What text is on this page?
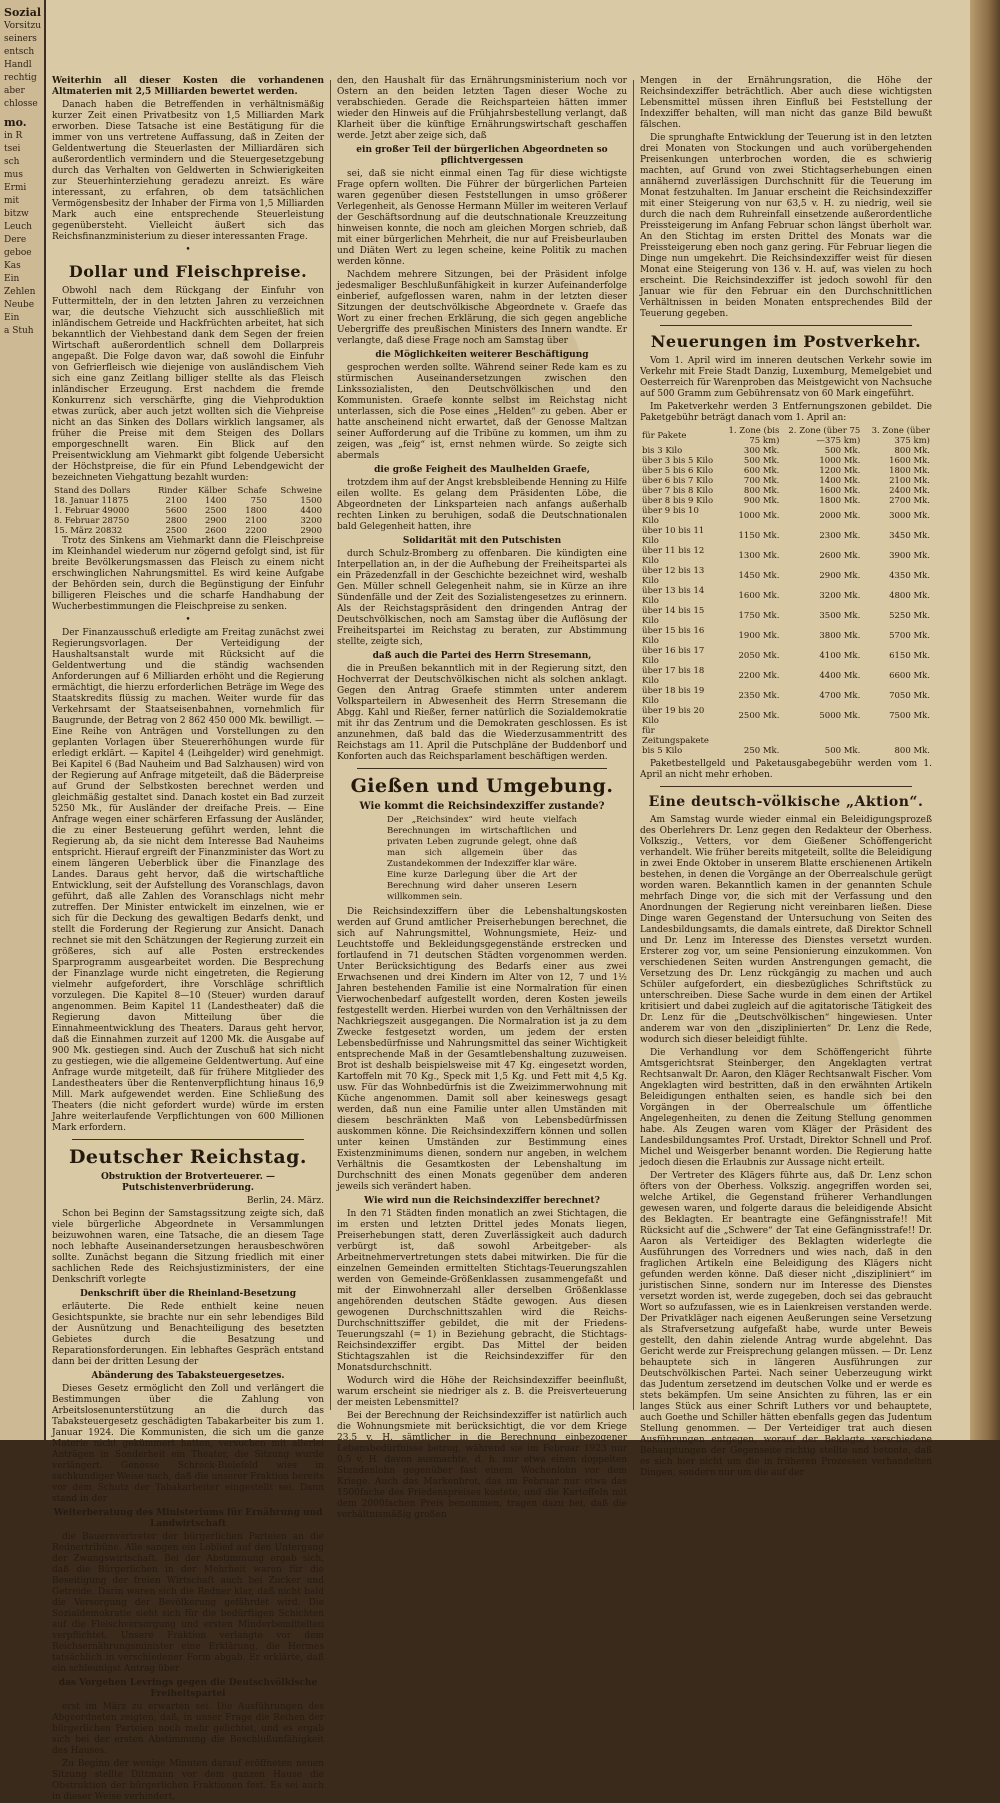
Sozial
Vorsitzu
seiners
entsch
Handl
rechtig
aber
chlosse
mo.
in R
tsei
sch
mus
Ermi
mit
bitzw
Leuch
Dere
geboe
Kas
Ein
Zehlen
Neube
Ein
a Stuh

Weiterhin all dieser Kosten die vorhandenen Altmaterien mit 2,5 Milliarden bewertet werden.

Danach haben die Betreffenden in verhältnismäßig kurzer Zeit einen Privatbesitz von 1,5 Milliarden Mark erworben. Diese Tatsache ist eine Bestätigung für die immer von uns vertretene Auffassung, daß in Zeiten der Geldentwertung die Steuerlasten der Milliardären sich außerordentlich vermindern und die Steuergesetzgebung durch das Verhalten von Geldwerten in Schwierigkeiten zur Steuerhinterziehung geradezu anreizt. Es wäre interessant, zu erfahren, ob dem tatsächlichen Vermögensbesitz der Inhaber der Firma von 1,5 Milliarden Mark auch eine entsprechende Steuerleistung gegenübersteht. Vielleicht äußert sich das Reichsfinanzministerium zu dieser interessanten Frage.

•
Dollar und Fleischpreise.

Obwohl nach dem Rückgang der Einfuhr von Futtermitteln, der in den letzten Jahren zu verzeichnen war, die deutsche Viehzucht sich ausschließlich mit inländischem Getreide und Hackfrüchten arbeitet, hat sich bekanntlich der Viehbestand dank dem Segen der freien Wirtschaft außerordentlich schnell dem Dollarpreis angepaßt. Die Folge davon war, daß sowohl die Einfuhr von Gefrierfleisch wie diejenige von ausländischem Vieh sich eine ganz Zeitlang billiger stellte als das Fleisch inländischer Erzeugung. Erst nachdem die fremde Konkurrenz sich verschärfte, ging die Viehproduktion etwas zurück, aber auch jetzt wollten sich die Viehpreise nicht an das Sinken des Dollars wirklich langsamer, als früher die Preise mit dem Steigen des Dollars emporgeschnellt waren. Ein Blick auf den Preisentwicklung am Viehmarkt gibt folgende Uebersicht der Höchstpreise, die für ein Pfund Lebendgewicht der bezeichneten Viehgattung bezahlt wurden:

Stand des Dollars	Rinder	Kälber	Schafe	Schweine
18. Januar 11875	2100	1400	750	1500
1. Februar 49000	5600	2500	1800	4400
8. Februar 28750	2800	2900	2100	3200
15. März 20832	2500	2600	2200	2900

Trotz des Sinkens am Viehmarkt dann die Fleischpreise im Kleinhandel wiederum nur zögernd gefolgt sind, ist für breite Bevölkerungsmassen das Fleisch zu einem nicht erschwinglichen Nahrungsmittel. Es wird keine Aufgabe der Behörden sein, durch die Begünstigung der Einfuhr billigeren Fleisches und die scharfe Handhabung der Wucherbestimmungen die Fleischpreise zu senken.

•

Der Finanzausschuß erledigte am Freitag zunächst zwei Regierungsvorlagen. Der Verteidigung der Haushaltsanstalt wurde mit Rücksicht auf die Geldentwertung und die ständig wachsenden Anforderungen auf 6 Milliarden erhöht und die Regierung ermächtigt, die hierzu erforderlichen Beträge im Wege des Staatskredits flüssig zu machen. Weiter wurde für das Verkehrsamt der Staatseisenbahnen, vornehmlich für Baugrunde, der Betrag von 2 862 450 000 Mk. bewilligt. — Eine Reihe von Anträgen und Vorstellungen zu den geplanten Vorlagen über Steuererhöhungen wurde für erledigt erklärt. — Kapitel 4 (Leihgelder) wird genehmigt. Bei Kapitel 6 (Bad Nauheim und Bad Salzhausen) wird von der Regierung auf Anfrage mitgeteilt, daß die Bäderpreise auf Grund der Selbstkosten berechnet werden und gleichmäßig gestaltet sind. Danach kostet ein Bad zurzeit 5250 Mk., für Ausländer der dreifache Preis. — Eine Anfrage wegen einer schärferen Erfassung der Ausländer, die zu einer Besteuerung geführt werden, lehnt die Regierung ab, da sie nicht dem Interesse Bad Nauheims entspricht. Hierauf ergreift der Finanzminister das Wort zu einem längeren Ueberblick über die Finanzlage des Landes. Daraus geht hervor, daß die wirtschaftliche Entwicklung, seit der Aufstellung des Voranschlags, davon geführt, daß alle Zahlen des Voranschlags nicht mehr zutreffen. Der Minister entwickelt im einzelnen, wie er sich für die Deckung des gewaltigen Bedarfs denkt, und stellt die Forderung der Regierung zur Ansicht. Danach rechnet sie mit den Schätzungen der Regierung zurzeit ein größeres, sich auf alle Posten erstreckendes Sparprogramm ausgearbeitet worden. Die Besprechung der Finanzlage wurde nicht eingetreten, die Regierung vielmehr aufgefordert, ihre Vorschläge schriftlich vorzulegen. Die Kapitel 8—10 (Steuer) wurden darauf angenommen. Beim Kapitel 11 (Landestheater) daß die Regierung davon Mitteilung über die Einnahmeentwicklung des Theaters. Daraus geht hervor, daß die Einnahmen zurzeit auf 1200 Mk. die Ausgabe auf 900 Mk. gestiegen sind. Auch der Zuschuß hat sich nicht zu gestiegen, wie die allgemeine Geldentwertung. Auf eine Anfrage wurde mitgeteilt, daß für frühere Mitglieder des Landestheaters über die Rentenverpflichtung hinaus 16,9 Mill. Mark aufgewendet werden. Eine Schließung des Theaters (die nicht gefordert wurde) würde im ersten Jahre weiterlaufende Verpflichtungen von 600 Millionen Mark erfordern.

Deutscher Reichstag.
Obstruktion der Brotverteuerer. — Putschistenverbrüderung.
Berlin, 24. März.

Schon bei Beginn der Samstagssitzung zeigte sich, daß viele bürgerliche Abgeordnete in Versammlungen beizuwohnen waren, eine Tatsache, die an diesem Tage noch lebhafte Auseinandersetzungen herausbeschwören sollte. Zunächst begann die Sitzung friedlich mit einer sachlichen Rede des Reichsjustizministers, der eine Denkschrift vorlegte

Denkschrift über die Rheinland-Besetzung

erläuterte. Die Rede enthielt keine neuen Gesichtspunkte, sie brachte nur ein sehr lebendiges Bild der Ausnützung und Benachteiligung des besetzten Gebietes durch die Besatzung und Reparationsforderungen. Ein lebhaftes Gespräch entstand dann bei der dritten Lesung der

Abänderung des Tabaksteuergesetzes.

Dieses Gesetz ermöglicht den Zoll und verlängert die Bestimmungen über die Zahlung von Arbeitslosenunterstützung an die durch das Tabaksteuergesetz geschädigten Tabakarbeiter bis zum 1. Januar 1924. Die Kommunisten, die sich um die ganze Materie nicht gekümmert hatten, versuchen mit allerlei Anträgen in Sonderheit ein Theater, die Sitzung wurde verlängert. Genosse Schreck-Bielefeld wies in sachkundiger Weise nach, daß die unserer Fraktion bereits vor dem Schutz der Tabakarbeiter eingestellt sei. Dann stand in der

Weiterberatung des Ministeriums für Ernährung und Landwirtschaft

die Bauernvertreter der bürgerlichen Parteien an die Rednertribüne. Alle sangen ein Loblied auf den Untergang der Zwangswirtschaft. Bei der Abstimmung ergab sich, daß die Bürgerlichen in der Mehrheit waren für die Beseitigung der freien Wirtschaft auch bei Zucker und Getreide. Darin waren sich die Redner klar, daß nicht bald die Versorgung der Bevölkerung gefährdet wird. Die Sozialdemokratie sieht sich für die bedürftigen Schichten auf die Fleischversorgung und ersten Minderbemittelten verpflichtet. Unsere Fraktion verlangte vor dem Reichsernährungsminister eine Erklärung, die Hermes tatsächlich in verschiedener Form abgab. Er erklärte, daß ein schleunigst Antrag über

das Vorgehen Levrings gegen die Deutschvölkische Freiheitspartei

erst im März zu erwarten sei. Die Ausführungen des Abgeordneten zeigten, daß, in unser Frage die Reihen der bürgerlichen Parteien noch mehr gelichtet, und es ergab sich bei der ersten Abstimmung die Beschlußunfähigkeit des Hauses.

Zu Beginn der wenige Minuten darauf eröffneten neuen Sitzung stellte Dittmann vor dem ganzen Hause die Obstruktion der bürgerlichen Fraktionen fest. Es sei auch in dieser Weise verhindert,

den, den Haushalt für das Ernährungsministerium noch vor Ostern an den beiden letzten Tagen dieser Woche zu verabschieden. Gerade die Reichsparteien hätten immer wieder den Hinweis auf die Frühjahrsbestellung verlangt, daß Klarheit über die künftige Ernährungswirtschaft geschaffen werde. Jetzt aber zeige sich, daß

ein großer Teil der bürgerlichen Abgeordneten so pflichtvergessen

sei, daß sie nicht einmal einen Tag für diese wichtigste Frage opfern wollten. Die Führer der bürgerlichen Parteien waren gegenüber diesen Feststellungen in umso größerer Verlegenheit, als Genosse Hermann Müller im weiteren Verlauf der Geschäftsordnung auf die deutschnationale Kreuzzeitung hinweisen konnte, die noch am gleichen Morgen schrieb, daß mit einer bürgerlichen Mehrheit, die nur auf Freisbeurlauben und Diäten Wert zu legen scheine, keine Politik zu machen werden könne.

Nachdem mehrere Sitzungen, bei der Präsident infolge jedesmaliger Beschlußunfähigkeit in kurzer Aufeinanderfolge einberief, aufgeflossen waren, nahm in der letzten dieser Sitzungen der deutschvölkische Abgeordnete v. Graefe das Wort zu einer frechen Erklärung, die sich gegen angebliche Uebergriffe des preußischen Ministers des Innern wandte. Er verlangte, daß diese Frage noch am Samstag über

die Möglichkeiten weiterer Beschäftigung

gesprochen werden sollte. Während seiner Rede kam es zu stürmischen Auseinandersetzungen zwischen den Linkssozialisten, den Deutschvölkischen und den Kommunisten. Graefe konnte selbst im Reichstag nicht unterlassen, sich die Pose eines „Helden“ zu geben. Aber er hatte anscheinend nicht erwartet, daß der Genosse Maltzan seiner Aufforderung auf die Tribüne zu kommen, um ihm zu zeigen, was „feig“ ist, ernst nehmen würde. So zeigte sich abermals

die große Feigheit des Maulhelden Graefe,

trotzdem ihm auf der Angst krebsbleibende Henning zu Hilfe eilen wollte. Es gelang dem Präsidenten Löbe, die Abgeordneten der Linksparteien nach anfangs außerhalb rechten Linken zu beruhigen, sodaß die Deutschnationalen bald Gelegenheit hatten, ihre

Solidarität mit den Putschisten

durch Schulz-Bromberg zu offenbaren. Die kündigten eine Interpellation an, in der die Aufhebung der Freiheitspartei als ein Präzedenzfall in der Geschichte bezeichnet wird, weshalb Gen. Müller schnell Gelegenheit nahm, sie in Kürze an ihre Sündenfälle und der Zeit des Sozialistengesetzes zu erinnern. Als der Reichstagspräsident den dringenden Antrag der Deutschvölkischen, noch am Samstag über die Auflösung der Freiheitspartei im Reichstag zu beraten, zur Abstimmung stellte, zeigte sich,

daß auch die Partei des Herrn Stresemann,

die in Preußen bekanntlich mit in der Regierung sitzt, den Hochverrat der Deutschvölkischen nicht als solchen anklagt. Gegen den Antrag Graefe stimmten unter anderem Volksparteilern in Abwesenheit des Herrn Stresemann die Abgg. Kahl und Rießer, ferner natürlich die Sozialdemokratie mit ihr das Zentrum und die Demokraten geschlossen. Es ist anzunehmen, daß bald das die Wiederzusammentritt des Reichstags am 11. April die Putschpläne der Buddenborf und Konforten auch das Reichsparlament beschäftigen werden.

Gießen und Umgebung.
Wie kommt die Reichsindexziffer zustande?

Der „Reichsindex“ wird heute vielfach Berechnungen im wirtschaftlichen und privaten Leben zugrunde gelegt, ohne daß man sich allgemein über das Zustandekommen der Indexziffer klar wäre. Eine kurze Darlegung über die Art der Berechnung wird daher unseren Lesern willkommen sein.

Die Reichsindexziffern über die Lebenshaltungskosten werden auf Grund amtlicher Preiserhebungen berechnet, die sich auf Nahrungsmittel, Wohnungsmiete, Heiz- und Leuchtstoffe und Bekleidungsgegenstände erstrecken und fortlaufend in 71 deutschen Städten vorgenommen werden. Unter Berücksichtigung des Bedarfs einer aus zwei Erwachsenen und drei Kindern im Alter von 12, 7 und 1½ Jahren bestehenden Familie ist eine Normalration für einen Vierwochenbedarf aufgestellt worden, deren Kosten jeweils festgestellt werden. Hierbei wurden von den Verhältnissen der Nachkriegszeit ausgegangen. Die Normalration ist ja zu dem Zwecke festgesetzt worden, um jedem der ersten Lebensbedürfnisse und Nahrungsmittel das seiner Wichtigkeit entsprechende Maß in der Gesamtlebenshaltung zuzuweisen. Brot ist deshalb beispielsweise mit 47 Kg. eingesetzt worden, Kartoffeln mit 70 Kg., Speck mit 1,5 Kg. und Fett mit 4,5 Kg. usw. Für das Wohnbedürfnis ist die Zweizimmerwohnung mit Küche angenommen. Damit soll aber keineswegs gesagt werden, daß nun eine Familie unter allen Umständen mit diesem beschränkten Maß von Lebensbedürfnissen auskommen könne. Die Reichsindexziffern können und sollen unter keinen Umständen zur Bestimmung eines Existenzminimums dienen, sondern nur angeben, in welchem Verhältnis die Gesamtkosten der Lebenshaltung im Durchschnitt des einen Monats gegenüber dem anderen jeweils sich verändert haben.

Wie wird nun die Reichsindexziffer berechnet?

In den 71 Städten finden monatlich an zwei Stichtagen, die im ersten und letzten Drittel jedes Monats liegen, Preiserhebungen statt, deren Zuverlässigkeit auch dadurch verbürgt ist, daß sowohl Arbeitgeber- als Arbeitnehmervertretungen stets dabei mitwirken. Die für die einzelnen Gemeinden ermittelten Stichtags-Teuerungszahlen werden von Gemeinde-Größenklassen zusammengefaßt und mit der Einwohnerzahl aller derselben Größenklasse angehörenden deutschen Städte gewogen. Aus diesen gewogenen Durchschnittszahlen wird die Reichs-Durchschnittsziffer gebildet, die mit der Friedens-Teuerungszahl (= 1) in Beziehung gebracht, die Stichtags-Reichsindexziffer ergibt. Das Mittel der beiden Stichtagszahlen ist die Reichsindexziffer für den Monatsdurchschnitt.

Wodurch wird die Höhe der Reichsindexziffer beeinflußt, warum erscheint sie niedriger als z. B. die Preisverteuerung der meisten Lebensmittel?

Bei der Berechnung der Reichsindexziffer ist natürlich auch die Wohnungsmiete mit berücksichtigt, die vor dem Kriege 23,5 v. H. sämtlicher in die Berechnung einbezogener Lebensbedürfnisse betrug, während sie im Februar 1923 nur 0,5 v. H. davon ausmachte, d. h. nur etwa einen doppelten Stundenlohn gegenüber fast einem Wochenlohn vor dem Kriege. Auch das Markenbrot, das im Februar nur etwa das 1500fache des Friedenspreises kostete, und die Kartoffeln mit dem 2000fachen Preis benommen, tragen dazu bei, daß die verhältnismäßig großen

Mengen in der Ernährungsration, die Höhe der Reichsindexziffer beträchtlich. Aber auch diese wichtigsten Lebensmittel müssen ihren Einfluß bei Feststellung der Indexziffer behalten, will man nicht das ganze Bild bewußt fälschen.

Die sprunghafte Entwicklung der Teuerung ist in den letzten drei Monaten von Stockungen und auch vorübergehenden Preisenkungen unterbrochen worden, die es schwierig machten, auf Grund von zwei Stichtagserhebungen einen annähernd zuverlässigen Durchschnitt für die Teuerung im Monat festzuhalten. Im Januar erscheint die Reichsindexziffer mit einer Steigerung von nur 63,5 v. H. zu niedrig, weil sie durch die nach dem Ruhreinfall einsetzende außerordentliche Preissteigerung im Anfang Februar schon längst überholt war. An den Stichtag im ersten Drittel des Monats war die Preissteigerung eben noch ganz gering. Für Februar liegen die Dinge nun umgekehrt. Die Reichsindexziffer weist für diesen Monat eine Steigerung von 136 v. H. auf, was vielen zu hoch erscheint. Die Reichsindexziffer ist jedoch sowohl für den Januar wie für den Februar ein den Durchschnittlichen Verhältnissen in beiden Monaten entsprechendes Bild der Teuerung gegeben.

Neuerungen im Postverkehr.

Vom 1. April wird im inneren deutschen Verkehr sowie im Verkehr mit Freie Stadt Danzig, Luxemburg, Memelgebiet und Oesterreich für Warenproben das Meistgewicht von Nachsuche auf 500 Gramm zum Gebührensatz von 60 Mark eingeführt.

Im Paketverkehr werden 3 Entfernungszonen gebildet. Die Paketgebühr beträgt danach vom 1. April an:

für Pakete	1. Zone (bis 75 km)	2. Zone (über 75—375 km)	3. Zone (über 375 km)
bis 3 Kilo	300 Mk.	500 Mk.	800 Mk.
über 3 bis 5 Kilo	500 Mk.	1000 Mk.	1600 Mk.
über 5 bis 6 Kilo	600 Mk.	1200 Mk.	1800 Mk.
über 6 bis 7 Kilo	700 Mk.	1400 Mk.	2100 Mk.
über 7 bis 8 Kilo	800 Mk.	1600 Mk.	2400 Mk.
über 8 bis 9 Kilo	900 Mk.	1800 Mk.	2700 Mk.
über 9 bis 10 Kilo	1000 Mk.	2000 Mk.	3000 Mk.
über 10 bis 11 Kilo	1150 Mk.	2300 Mk.	3450 Mk.
über 11 bis 12 Kilo	1300 Mk.	2600 Mk.	3900 Mk.
über 12 bis 13 Kilo	1450 Mk.	2900 Mk.	4350 Mk.
über 13 bis 14 Kilo	1600 Mk.	3200 Mk.	4800 Mk.
über 14 bis 15 Kilo	1750 Mk.	3500 Mk.	5250 Mk.
über 15 bis 16 Kilo	1900 Mk.	3800 Mk.	5700 Mk.
über 16 bis 17 Kilo	2050 Mk.	4100 Mk.	6150 Mk.
über 17 bis 18 Kilo	2200 Mk.	4400 Mk.	6600 Mk.
über 18 bis 19 Kilo	2350 Mk.	4700 Mk.	7050 Mk.
über 19 bis 20 Kilo	2500 Mk.	5000 Mk.	7500 Mk.
für Zeitungspakete			
bis 5 Kilo	250 Mk.	500 Mk.	800 Mk.

Paketbestellgeld und Paketausgabegebühr werden vom 1. April an nicht mehr erhoben.

Eine deutsch-völkische „Aktion“.

Am Samstag wurde wieder einmal ein Beleidigungsprozeß des Oberlehrers Dr. Lenz gegen den Redakteur der Oberhess. Volkszig., Vetters, vor dem Gießener Schöffengericht verhandelt. Wie früher bereits mitgeteilt, sollte die Beleidigung in zwei Ende Oktober in unserem Blatte erschienenen Artikeln bestehen, in denen die Vorgänge an der Oberrealschule gerügt worden waren. Bekanntlich kamen in der genannten Schule mehrfach Dinge vor, die sich mit der Verfassung und den Anordnungen der Regierung nicht vereinbaren ließen. Diese Dinge waren Gegenstand der Untersuchung von Seiten des Landesbildungsamts, die damals eintrete, daß Direktor Schnell und Dr. Lenz im Interesse des Dienstes versetzt wurden. Ersterer zog vor, um seine Pensionierung einzukommen. Von verschiedenen Seiten wurden Anstrengungen gemacht, die Versetzung des Dr. Lenz rückgängig zu machen und auch Schüler aufgefordert, ein diesbezügliches Schriftstück zu unterschreiben. Diese Sache wurde in dem einen der Artikel kritisiert und dabei zugleich auf die agitatorische Tätigkeit des Dr. Lenz für die „Deutschvölkischen“ hingewiesen. Unter anderem war von den „disziplinierten“ Dr. Lenz die Rede, wodurch sich dieser beleidigt fühlte.

Die Verhandlung vor dem Schöffengericht führte Amtsgerichtsrat Steinberger, den Angeklagten vertrat Rechtsanwalt Dr. Aaron, den Kläger Rechtsanwalt Fischer. Vom Angeklagten wird bestritten, daß in den erwähnten Artikeln Beleidigungen enthalten seien, es handle sich bei den Vorgängen in der Oberrealschule um öffentliche Angelegenheiten, zu denen die Zeitung Stellung genommen habe. Als Zeugen waren vom Kläger der Präsident des Landesbildungsamtes Prof. Urstadt, Direktor Schnell und Prof. Michel und Weisgerber benannt worden. Die Regierung hatte jedoch diesen die Erlaubnis zur Aussage nicht erteilt.

Der Vertreter des Klägers führte aus, daß Dr. Lenz schon öfters von der Oberhess. Volkszig. angegriffen worden sei, welche Artikel, die Gegenstand früherer Verhandlungen gewesen waren, und folgerte daraus die beleidigende Absicht des Beklagten. Er beantragte eine Gefängnisstrafe!! Mit Rücksicht auf die „Schwere“ der Tat eine Gefängnisstrafe!! Dr. Aaron als Verteidiger des Beklagten widerlegte die Ausführungen des Vorredners und wies nach, daß in den fraglichen Artikeln eine Beleidigung des Klägers nicht gefunden werden könne. Daß dieser nicht „diszipliniert“ im juristischen Sinne, sondern nur im Interesse des Dienstes versetzt worden ist, werde zugegeben, doch sei das gebraucht Wort so aufzufassen, wie es in Laienkreisen verstanden werde. Der Privatkläger nach eigenen Aeußerungen seine Versetzung als Strafversetzung aufgefaßt habe, wurde unter Beweis gestellt, den dahin zielende Antrag wurde abgelehnt. Das Gericht werde zur Freisprechung gelangen müssen. — Dr. Lenz behauptete sich in längeren Ausführungen zur Deutschvölkischen Partei. Nach seiner Ueberzeugung wirkt das Judentum zersetzend im deutschen Volke und er werde es stets bekämpfen. Um seine Ansichten zu führen, las er ein langes Stück aus einer Schrift Luthers vor und behauptete, auch Goethe und Schiller hätten ebenfalls gegen das Judentum Stellung genommen. — Der Verteidiger trat auch diesen Ausführungen entgegen, worauf der Beklagte verschiedene Behauptungen der Gegenseite richtig stellte und betonte, daß es sich hier nicht um die in früheren Prozessen verhandelten Dingen, sondern nur um die auf der
